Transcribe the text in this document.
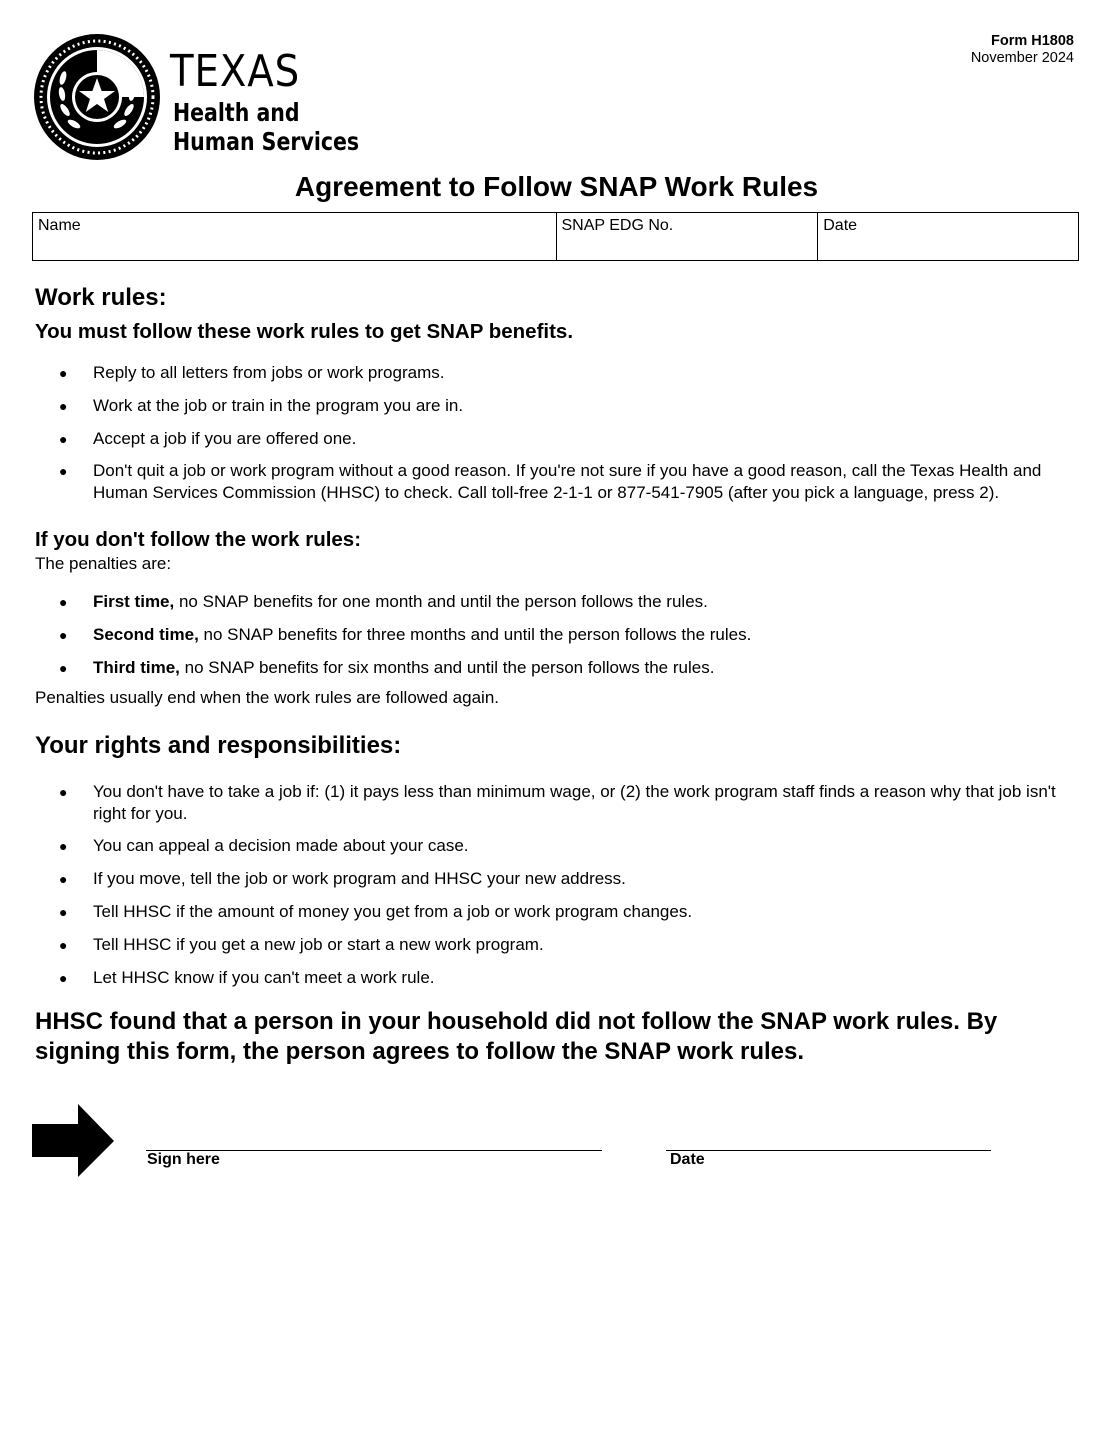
TEXAS
Health and Human Services
Form H1808
November 2024
Agreement to Follow SNAP Work Rules
Name	SNAP EDG No.	Date
Work rules:
You must follow these work rules to get SNAP benefits.
● Reply to all letters from jobs or work programs.
● Work at the job or train in the program you are in.
● Accept a job if you are offered one.
● Don't quit a job or work program without a good reason. If you're not sure if you have a good reason, call the Texas Health and Human Services Commission (HHSC) to check. Call toll-free 2-1-1 or 877-541-7905 (after you pick a language, press 2).
If you don't follow the work rules:

The penalties are:

● First time, no SNAP benefits for one month and until the person follows the rules.
● Second time, no SNAP benefits for three months and until the person follows the rules.
● Third time, no SNAP benefits for six months and until the person follows the rules.

Penalties usually end when the work rules are followed again.

Your rights and responsibilities:
● You don't have to take a job if: (1) it pays less than minimum wage, or (2) the work program staff finds a reason why that job isn't right for you.
● You can appeal a decision made about your case.
● If you move, tell the job or work program and HHSC your new address.
● Tell HHSC if the amount of money you get from a job or work program changes.
● Tell HHSC if you get a new job or start a new work program.
● Let HHSC know if you can't meet a work rule.

HHSC found that a person in your household did not follow the SNAP work rules. By signing this form, the person agrees to follow the SNAP work rules.

Sign here	Date
